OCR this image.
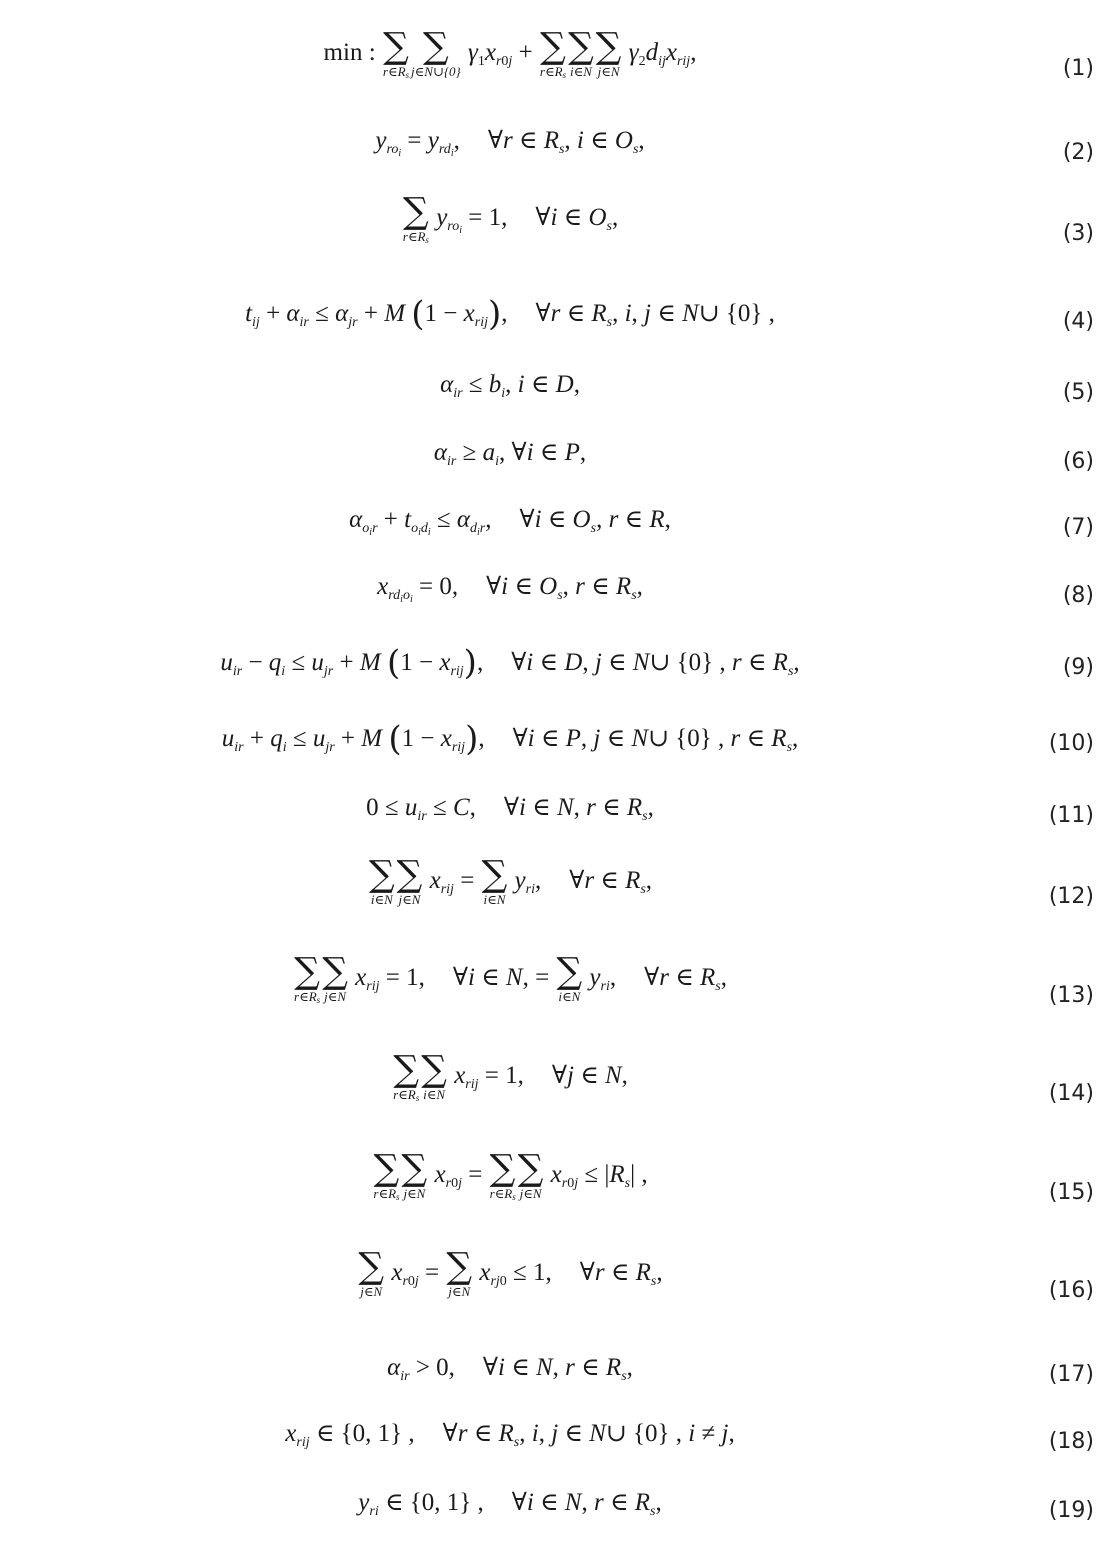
min : ∑
$r\in R_s$
∑
j∈N∪{0}
$\gamma_1x_{r0j}$ + ∑
$r\in R_s$
∑
i∈N
∑
j∈N
$\gamma_2d_{ij}x_{rij}$,
(1)
$y_{ro_i} = y_{rd_i}$, ∀r ∈ $R_s$, i ∈ $O_s$,	(2)
∑
$r\in R_s$
$y_{ro_i} = 1$, ∀i ∈ $O_s$,
(3)
$t_{ij} + \alpha_{ir} \le \alpha_{jr} + M$ $(1 - x_{rij})$, ∀r ∈ $R_s$, i, j ∈ N∪ {0} ,	(4)
$\alpha_{ir} \le b_i$, i ∈ D,	(5)
$\alpha_{ir} \ge a_i$, ∀i ∈ P,	(6)
$\alpha_{o_ir} + t_{o_id_i} \le \alpha_{d_ir}$, ∀i ∈ $O_s$, r ∈ R,	(7)
$x_{rd_io_i} = 0$, ∀i ∈ $O_s$, r ∈ $R_s$,	(8)
$u_{ir} - q_i \le u_{jr} + M$ $(1 - x_{rij})$, ∀i ∈ D, j ∈ N∪ {0} , r ∈ $R_s$,	(9)
$u_{ir} + q_i \le u_{jr} + M$ $(1 - x_{rij})$, ∀i ∈ P, j ∈ N∪ {0} , r ∈ $R_s$,	(10)
$0 \le u_{ir} \le C$, ∀i ∈ N, r ∈ $R_s$,	(11)
∑
i∈N
∑
j∈N
$x_{rij}$ = ∑
i∈N
$y_{ri}$, ∀r ∈ $R_s$,
(12)
∑
$r\in R_s$
∑
j∈N
$x_{rij} = 1$, ∀i ∈ N, = ∑
i∈N
$y_{ri}$, ∀r ∈ $R_s$,
(13)
∑
$r\in R_s$
∑
i∈N
$x_{rij} = 1$, ∀j ∈ N,
(14)
∑
$r\in R_s$
∑
j∈N
$x_{r0j}$ = ∑
$r\in R_s$
∑
j∈N
$x_{r0j} \le |R_s|$ ,
(15)
∑
j∈N
$x_{r0j}$ = ∑
j∈N
$x_{rj0} \le 1$, ∀r ∈ $R_s$,
(16)
$\alpha_{ir} > 0$, ∀i ∈ N, r ∈ $R_s$,	(17)
$x_{rij}$ ∈ {0, 1} , ∀r ∈ $R_s$, i, j ∈ N∪ {0} , i ≠ j,	(18)
$y_{ri}$ ∈ {0, 1} , ∀i ∈ N, r ∈ $R_s$,	(19)
